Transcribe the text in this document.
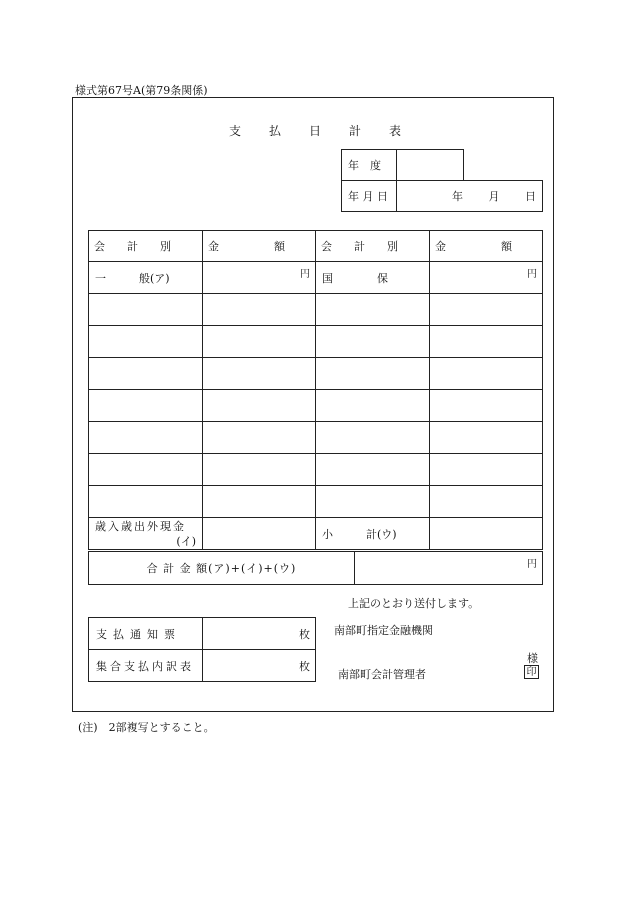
様式第67号A(第79条関係)
支払日計表
年　度		
年 月 日	年 月 日	
会　　計　　別	金　　　　　額	会　　計　　別	金　　　　　額
一　　　般(ア)	円	国　　　　保	円

歳入歳出外現金
(イ)		小　　　計(ウ)	
合 計 金 額(ア)+(イ)+(ウ)	円
上記のとおり送付します。
支払通知票	枚
集合支払内訳表	枚
南部町指定金融機関
南部町会計管理者
様
印
(注)　2部複写とすること。
